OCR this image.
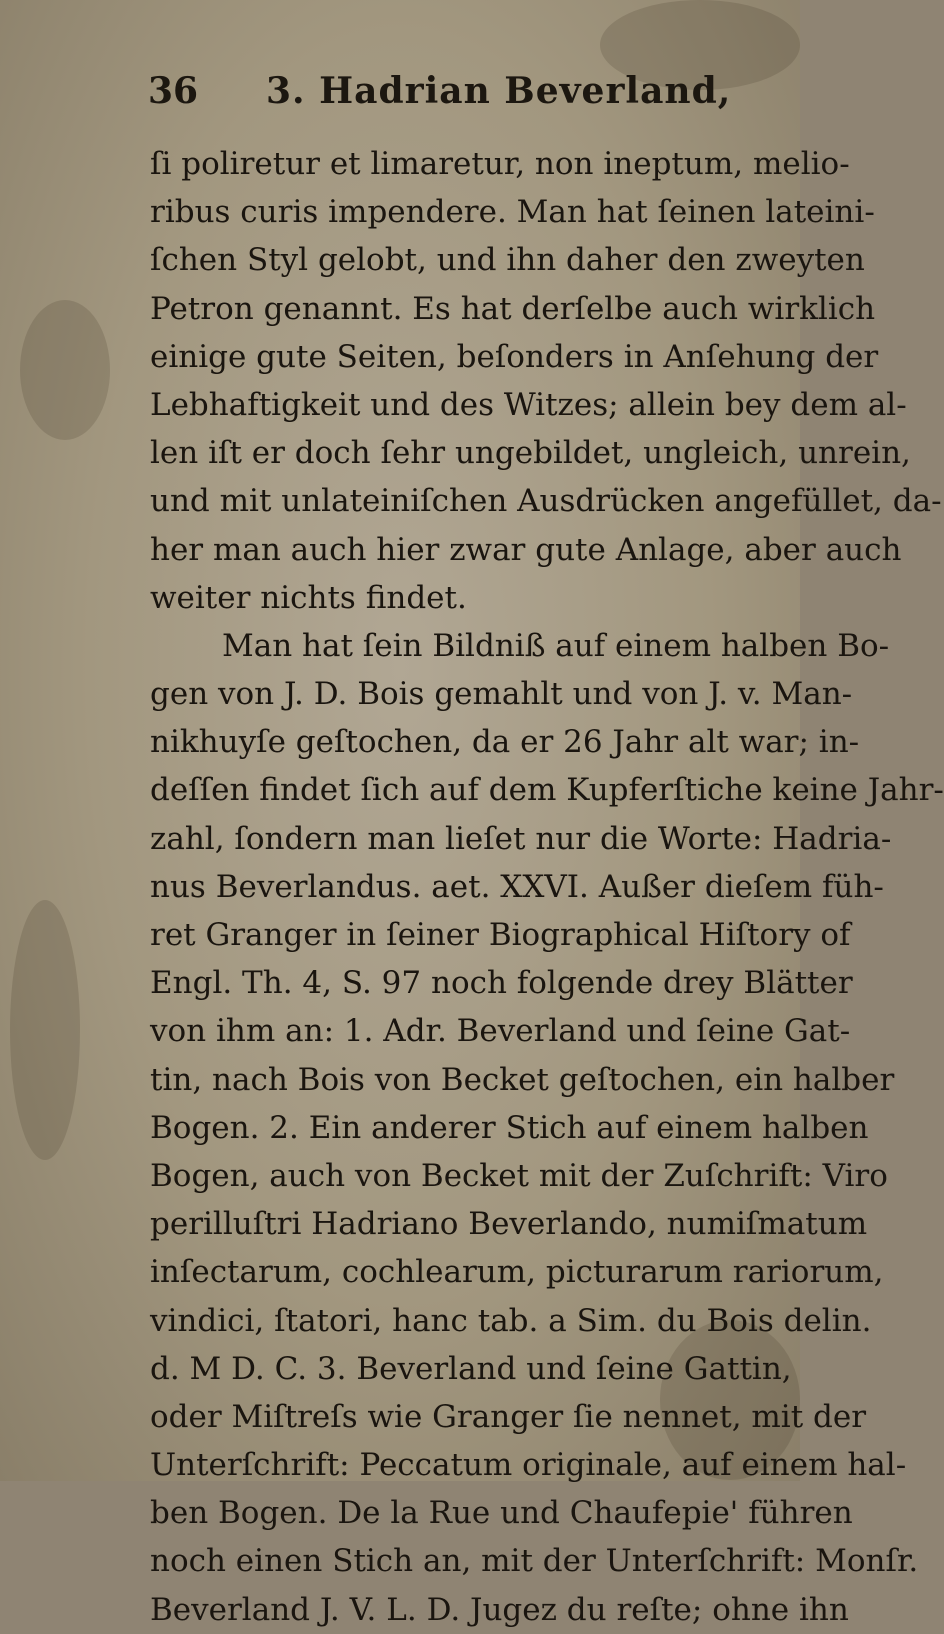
36 3. Hadrian Beverland,
ſi poliretur et limaretur, non ineptum, melio-
ribus curis impendere. Man hat ſeinen lateini-
ſchen Styl gelobt, und ihn daher den zweyten
Petron genannt. Es hat derſelbe auch wirklich
einige gute Seiten, beſonders in Anſehung der
Lebhaftigkeit und des Witzes; allein bey dem al-
len iſt er doch ſehr ungebildet, ungleich, unrein,
und mit unlateiniſchen Ausdrücken angefüllet, da-
her man auch hier zwar gute Anlage, aber auch
weiter nichts findet.
Man hat ſein Bildniß auf einem halben Bo-
gen von J. D. Bois gemahlt und von J. v. Man-
nikhuyſe geſtochen, da er 26 Jahr alt war; in-
deſſen findet ſich auf dem Kupferſtiche keine Jahr-
zahl, ſondern man lieſet nur die Worte: Hadria-
nus Beverlandus. aet. XXVI. Außer dieſem füh-
ret Granger in ſeiner Biographical Hiſtory of
Engl. Th. 4, S. 97 noch folgende drey Blätter
von ihm an: 1. Adr. Beverland und ſeine Gat-
tin, nach Bois von Becket geſtochen, ein halber
Bogen. 2. Ein anderer Stich auf einem halben
Bogen, auch von Becket mit der Zuſchrift: Viro
perilluſtri Hadriano Beverlando, numiſmatum
inſectarum, cochlearum, picturarum rariorum,
vindici, ſtatori, hanc tab. a Sim. du Bois delin.
d. M D. C. 3. Beverland und ſeine Gattin,
oder Miſtreſs wie Granger ſie nennet, mit der
Unterſchrift: Peccatum originale, auf einem hal-
ben Bogen. De la Rue und Chaufepie' führen
noch einen Stich an, mit der Unterſchrift: Monſr.
Beverland J. V. L. D. Jugez du reſte; ohne ihn
